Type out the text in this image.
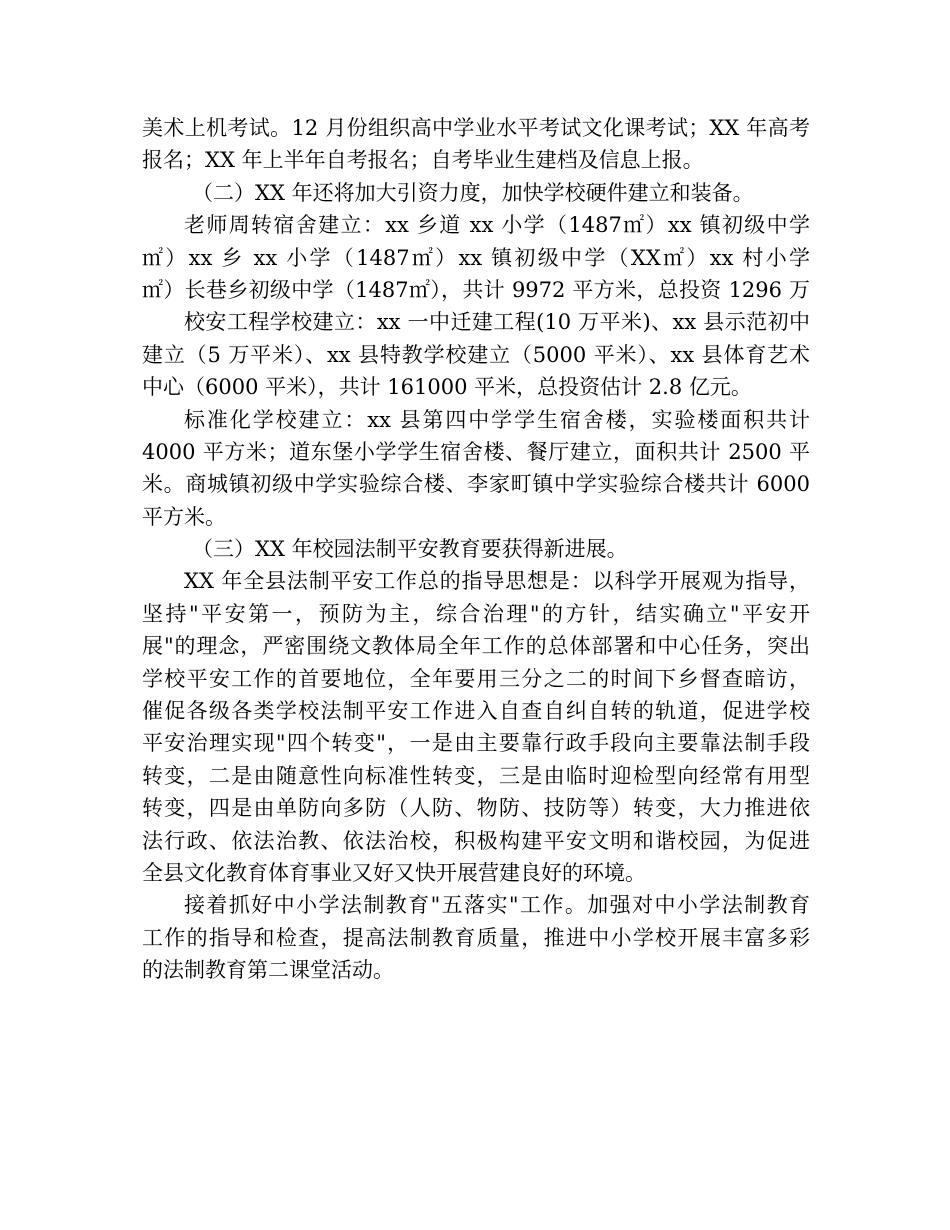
美术上机考试。12 月份组织高中学业水平考试文化课考试；XX 年高考
报名；XX 年上半年自考报名；自考毕业生建档及信息上报。
（二）XX 年还将加大引资力度，加快学校硬件建立和装备。
老师周转宿舍建立：xx 乡道 xx 小学（1487㎡）xx 镇初级中学
㎡）xx 乡 xx 小学（1487㎡）xx 镇初级中学（XX㎡）xx 村小学
㎡）长巷乡初级中学（1487㎡），共计 9972 平方米，总投资 1296 万
校安工程学校建立：xx 一中迁建工程(10 万平米)、xx 县示范初中
建立（5 万平米）、xx 县特教学校建立（5000 平米）、xx 县体育艺术
中心（6000 平米），共计 161000 平米，总投资估计 2.8 亿元。
标准化学校建立：xx 县第四中学学生宿舍楼，实验楼面积共计
4000 平方米；道东堡小学学生宿舍楼、餐厅建立，面积共计 2500 平
米。商城镇初级中学实验综合楼、李家町镇中学实验综合楼共计 6000
平方米。
（三）XX 年校园法制平安教育要获得新进展。
XX 年全县法制平安工作总的指导思想是：以科学开展观为指导，
坚持"平安第一，预防为主，综合治理"的方针，结实确立"平安开
展"的理念，严密围绕文教体局全年工作的总体部署和中心任务，突出
学校平安工作的首要地位，全年要用三分之二的时间下乡督查暗访，
催促各级各类学校法制平安工作进入自查自纠自转的轨道，促进学校
平安治理实现"四个转变"，一是由主要靠行政手段向主要靠法制手段
转变，二是由随意性向标准性转变，三是由临时迎检型向经常有用型
转变，四是由单防向多防（人防、物防、技防等）转变，大力推进依
法行政、依法治教、依法治校，积极构建平安文明和谐校园，为促进
全县文化教育体育事业又好又快开展营建良好的环境。
接着抓好中小学法制教育"五落实"工作。加强对中小学法制教育
工作的指导和检查，提高法制教育质量，推进中小学校开展丰富多彩
的法制教育第二课堂活动。
